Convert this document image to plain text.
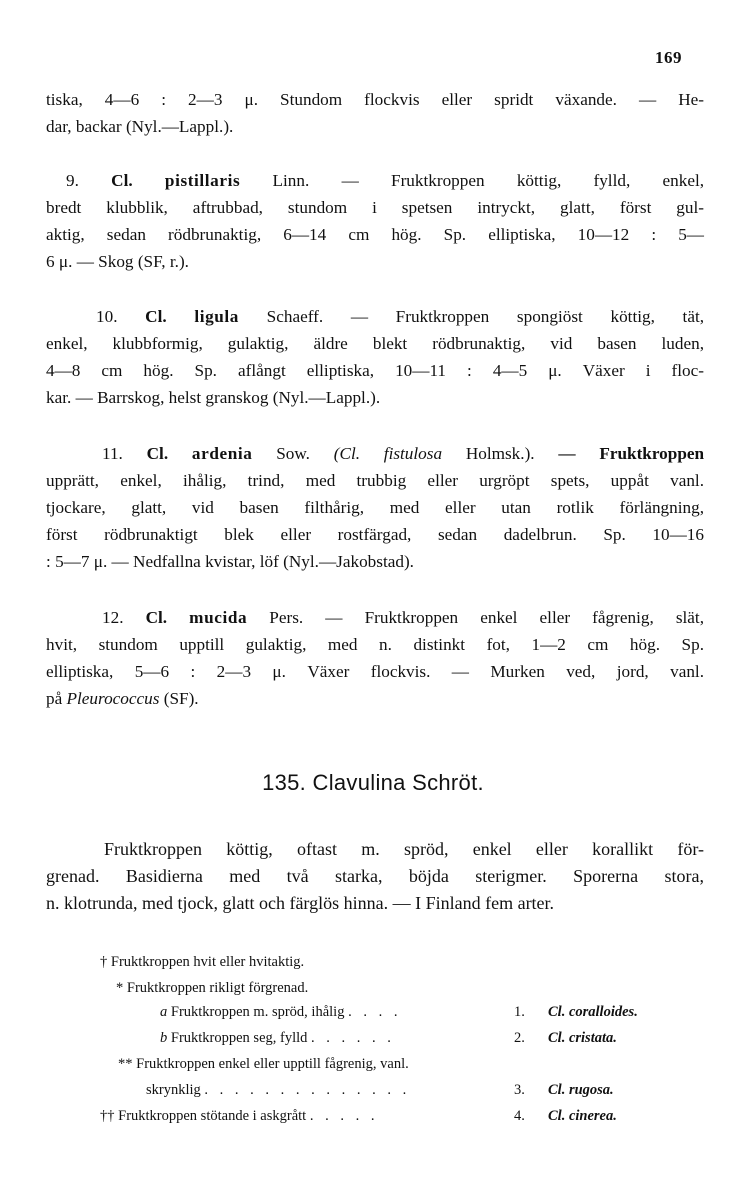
169
tiska, 4—6 : 2—3 μ. Stundom flockvis eller spridt växande. — He-
dar, backar (Nyl.—Lappl.).
9. Cl. pistillaris Linn. — Fruktkroppen köttig, fylld, enkel,
bredt klubblik, aftrubbad, stundom i spetsen intryckt, glatt, först gul-
aktig, sedan rödbrunaktig, 6—14 cm hög. Sp. elliptiska, 10—12 : 5—
6 μ. — Skog (SF, r.).
10. Cl. ligula Schaeff. — Fruktkroppen spongiöst köttig, tät,
enkel, klubbformig, gulaktig, äldre blekt rödbrunaktig, vid basen luden,
4—8 cm hög. Sp. aflångt elliptiska, 10—11 : 4—5 μ. Växer i floc-
kar. — Barrskog, helst granskog (Nyl.—Lappl.).
11. Cl. ardenia Sow. (Cl. fistulosa Holmsk.). — Fruktkroppen
upprätt, enkel, ihålig, trind, med trubbig eller urgröpt spets, uppåt vanl.
tjockare, glatt, vid basen filthårig, med eller utan rotlik förlängning,
först rödbrunaktigt blek eller rostfärgad, sedan dadelbrun. Sp. 10—16
: 5—7 μ. — Nedfallna kvistar, löf (Nyl.—Jakobstad).
12. Cl. mucida Pers. — Fruktkroppen enkel eller fågrenig, slät,
hvit, stundom upptill gulaktig, med n. distinkt fot, 1—2 cm hög. Sp.
elliptiska, 5—6 : 2—3 μ. Växer flockvis. — Murken ved, jord, vanl.
på Pleurococcus (SF).
135. Clavulina Schröt.
Fruktkroppen köttig, oftast m. spröd, enkel eller korallikt för-
grenad. Basidierna med två starka, böjda sterigmer. Sporerna stora,
n. klotrunda, med tjock, glatt och färglös hinna. — I Finland fem arter.
† Fruktkroppen hvit eller hvitaktig.
* Fruktkroppen rikligt förgrenad.
a Fruktkroppen m. spröd, ihålig . . . .	1. Cl. coralloides.
b Fruktkroppen seg, fylld . . . . . .	2. Cl. cristata.
** Fruktkroppen enkel eller upptill fågrenig, vanl.
skrynklig . . . . . . . . . . . . . .	3. Cl. rugosa.
†† Fruktkroppen stötande i askgrått . . . . .	4. Cl. cinerea.
